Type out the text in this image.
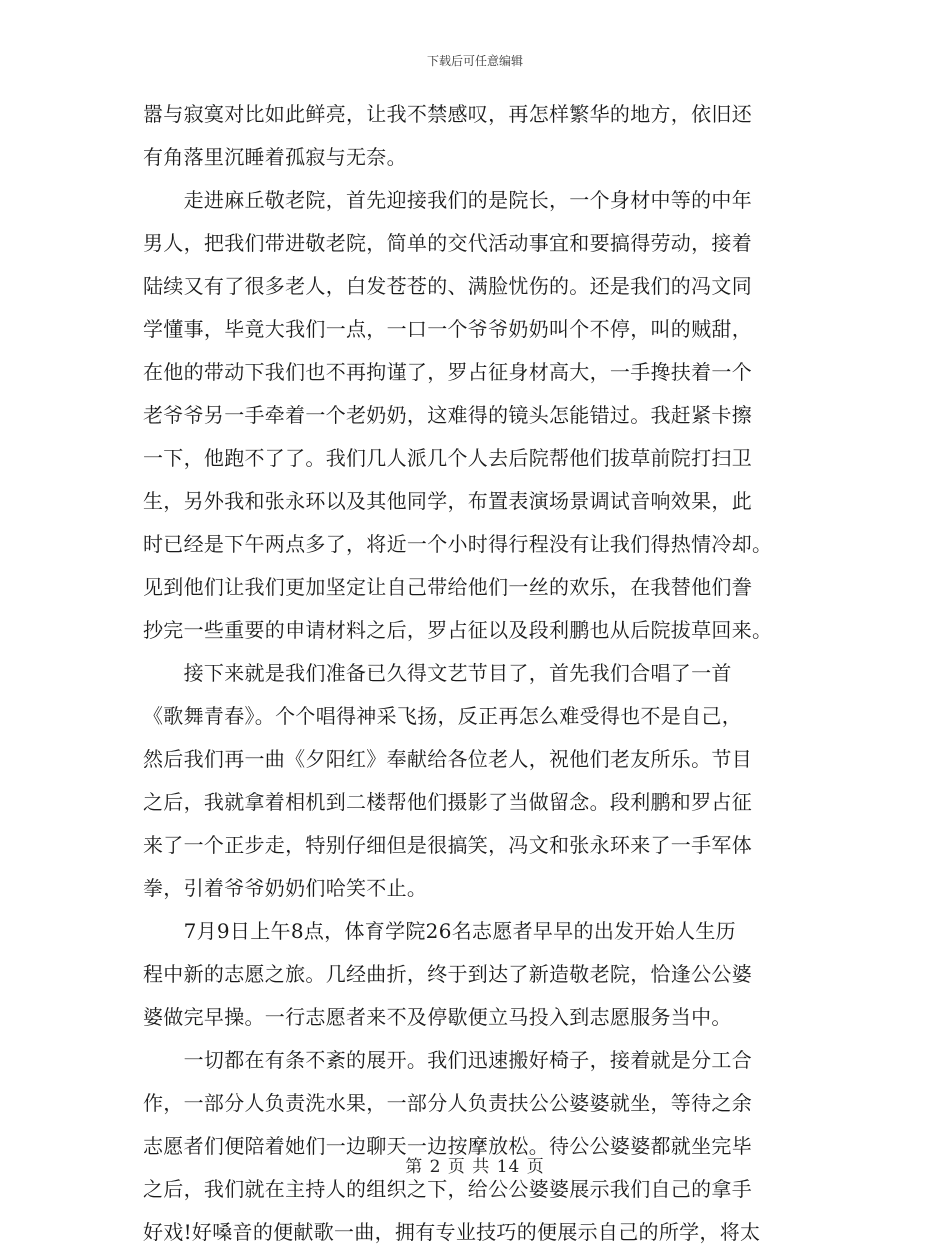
下载后可任意编辑
嚣与寂寞对比如此鲜亮，让我不禁感叹，再怎样繁华的地方，依旧还
有角落里沉睡着孤寂与无奈。
　　走进麻丘敬老院，首先迎接我们的是院长，一个身材中等的中年
男人，把我们带进敬老院，简单的交代活动事宜和要搞得劳动，接着
陆续又有了很多老人，白发苍苍的、满脸忧伤的。还是我们的冯文同
学懂事，毕竟大我们一点，一口一个爷爷奶奶叫个不停，叫的贼甜，
在他的带动下我们也不再拘谨了，罗占征身材高大，一手搀扶着一个
老爷爷另一手牵着一个老奶奶，这难得的镜头怎能错过。我赶紧卡擦
一下，他跑不了了。我们几人派几个人去后院帮他们拔草前院打扫卫
生，另外我和张永环以及其他同学，布置表演场景调试音响效果，此
时已经是下午两点多了，将近一个小时得行程没有让我们得热情冷却。
见到他们让我们更加坚定让自己带给他们一丝的欢乐，在我替他们誊
抄完一些重要的申请材料之后，罗占征以及段利鹏也从后院拔草回来。
　　接下来就是我们准备已久得文艺节目了，首先我们合唱了一首
《歌舞青春》。个个唱得神采飞扬，反正再怎么难受得也不是自己，
然后我们再一曲《夕阳红》奉献给各位老人，祝他们老友所乐。节目
之后，我就拿着相机到二楼帮他们摄影了当做留念。段利鹏和罗占征
来了一个正步走，特别仔细但是很搞笑，冯文和张永环来了一手军体
拳，引着爷爷奶奶们哈笑不止。
　　7月9日上午8点，体育学院26名志愿者早早的出发开始人生历
程中新的志愿之旅。几经曲折，终于到达了新造敬老院，恰逢公公婆
婆做完早操。一行志愿者来不及停歇便立马投入到志愿服务当中。
　　一切都在有条不紊的展开。我们迅速搬好椅子，接着就是分工合
作，一部分人负责洗水果，一部分人负责扶公公婆婆就坐，等待之余
志愿者们便陪着她们一边聊天一边按摩放松。待公公婆婆都就坐完毕
之后，我们就在主持人的组织之下，给公公婆婆展示我们自己的拿手
好戏!好嗓音的便献歌一曲，拥有专业技巧的便展示自己的所学，将太
第 2 页 共 14 页
